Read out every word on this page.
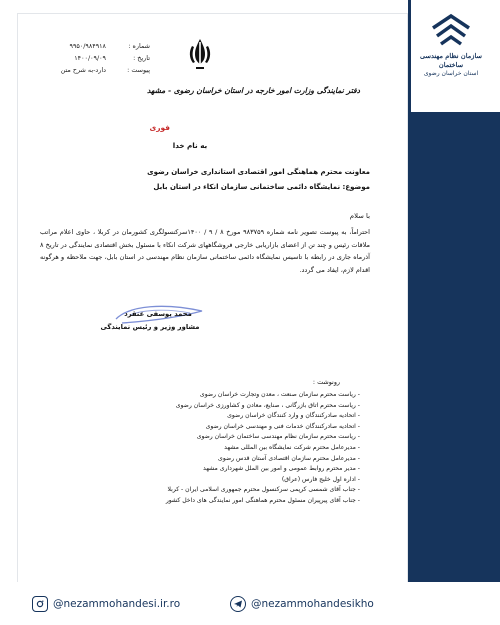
سازمان نظام مهندسی ساختمان
استان خراسان رضوی
شماره :
۹۹۵۰/۹۸۴۹۱۸
تاریخ :
۱۴۰۰/۰۹/۰۹
پیوست :
دارد-به شرح متن
دفتر نمایندگی وزارت امور خارجه در استان خراسان رضوی - مشهد
فوری
به نام خدا
معاونت محترم هماهنگی امور اقتصادی استانداری خراسان رضوی
موضوع: نمایشگاه دائمی ساختمانی سازمان انکاء در استان بابل
با سلام
احتراماً، به پیوست تصویر نامه شماره ۹۸۳۷۵۹ مورخ ۸ / ۹ / ۱۴۰۰سرکنسولگری کشورمان در کربلا ، حاوی اعلام مراتب ملاقات رئیس و چند تن از اعضای بازاریابی خارجی فروشگاههای شرکت انکاء با مسئول بخش اقتصادی نمایندگی در تاریخ ۸ آذرماه جاری در رابطه با تاسیس نمایشگاه دائمی ساختمانی سازمان نظام مهندسی در استان بابل، جهت ملاحظه و هرگونه اقدام لازم، ایفاد می گردد.
محمد یوسفی عنقرد
مشاور وزیر و رئیس نمایندگی
رونوشت :
- ریاست محترم سازمان صنعت ، معدن وتجارت خراسان رضوی
- ریاست محترم اتاق بازرگانی ، صنایع، معادن و کشاورزی خراسان رضوی
- اتحادیه صادرکنندگان و وارد کنندگان خراسان رضوی
- اتحادیه صادرکنندگان خدمات فنی و مهندسی خراسان رضوی
- ریاست محترم سازمان نظام مهندسی ساختمان خراسان رضوی
- مدیرعامل محترم شرکت نمایشگاه بین المللی مشهد
- مدیرعامل محترم سازمان اقتصادی آستان قدس رضوی
- مدیر محترم روابط عمومی و امور بین الملل شهرداری مشهد
- اداره اول خلیج فارس (عراق)
- جناب آقای شمسی کرپمی سرکنسول محترم جمهوری اسلامی ایران - کربلا
- جناب آقای پیرپیران مسئول محترم هماهنگی امور نمایندگی های داخل کشور
@nezammohandesi.ir.ro	@nezammohandesikho
